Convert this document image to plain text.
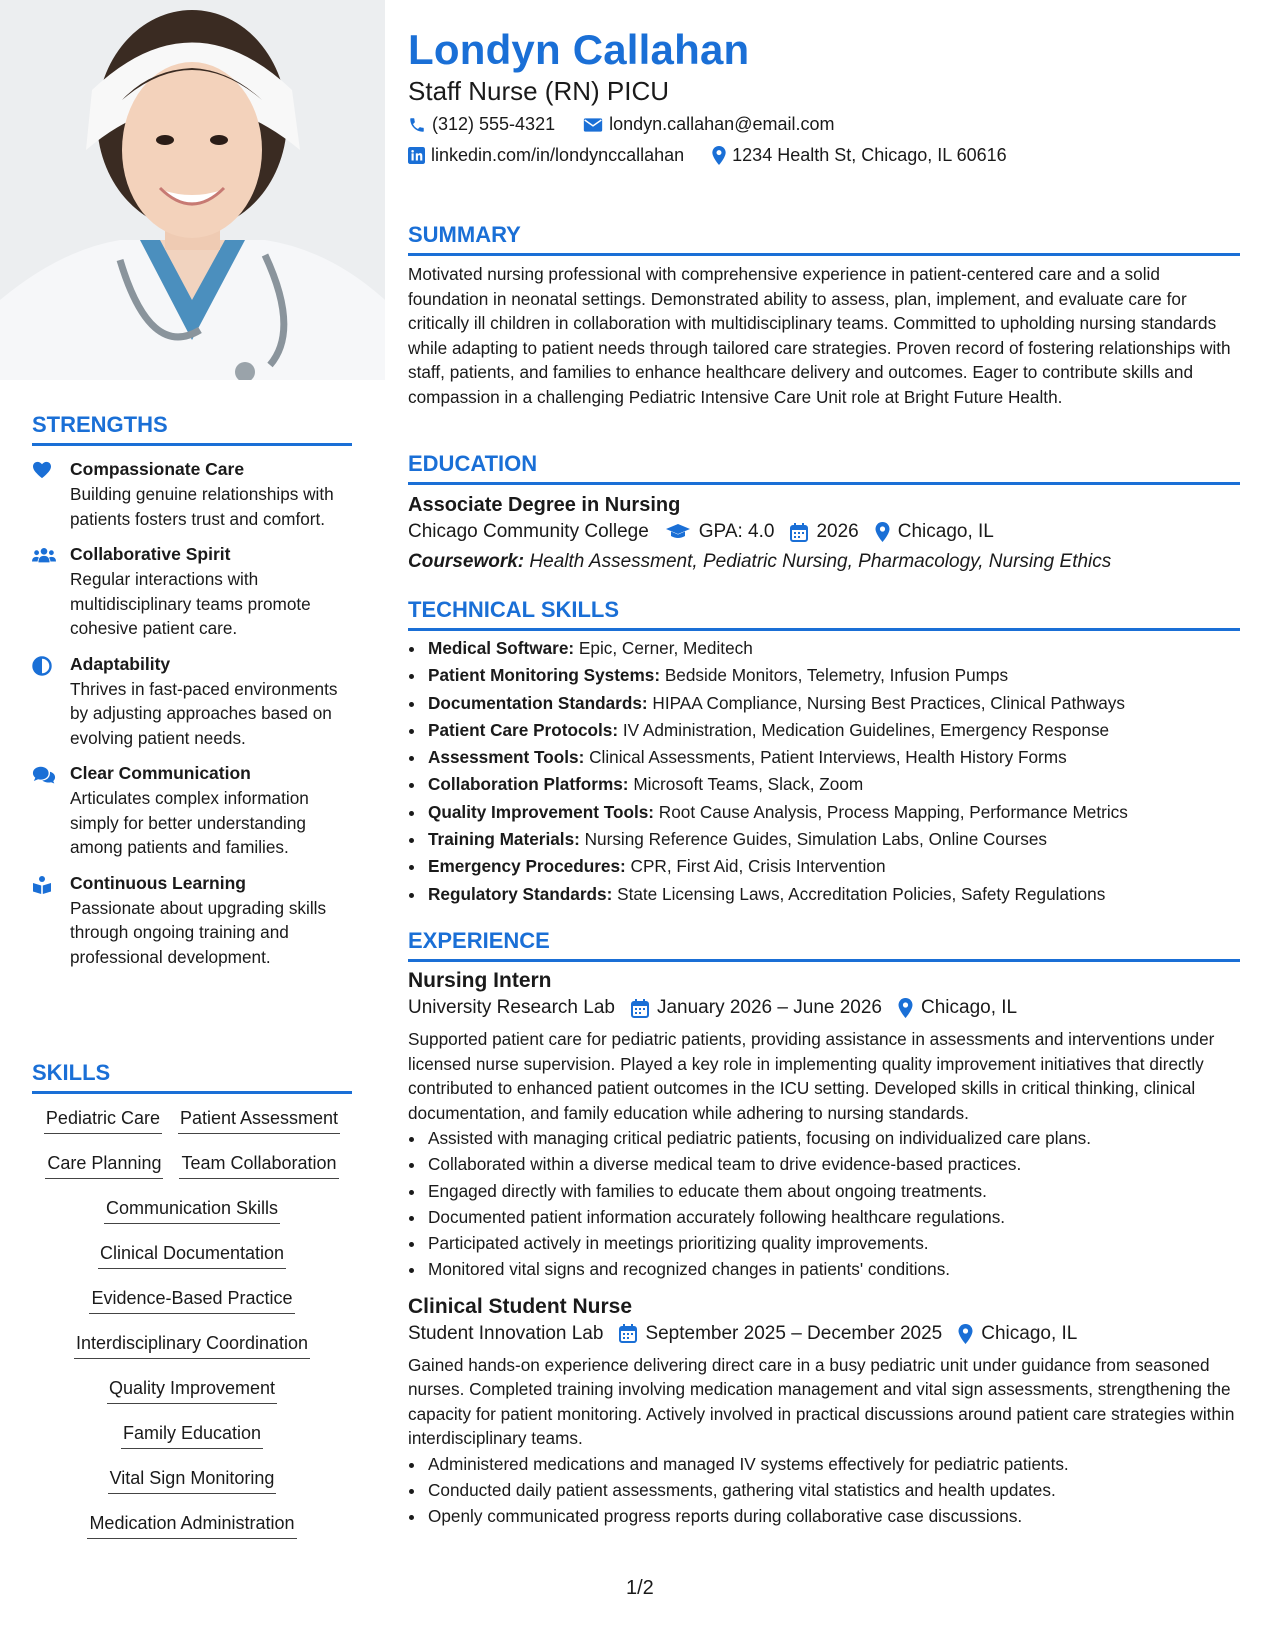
STRENGTHS
Compassionate Care
Building genuine relationships with patients fosters trust and comfort.
Collaborative Spirit
Regular interactions with multidisciplinary teams promote cohesive patient care.
Adaptability
Thrives in fast-paced environments by adjusting approaches based on evolving patient needs.
Clear Communication
Articulates complex information simply for better understanding among patients and families.
Continuous Learning
Passionate about upgrading skills through ongoing training and professional development.
SKILLS
Pediatric Care Patient Assessment
Care Planning Team Collaboration
Communication Skills
Clinical Documentation
Evidence-Based Practice
Interdisciplinary Coordination
Quality Improvement
Family Education
Vital Sign Monitoring
Medication Administration
Londyn Callahan
Staff Nurse (RN) PICU
(312) 555-4321	londyn.callahan@email.com
linkedin.com/in/londynccallahan	1234 Health St, Chicago, IL 60616
SUMMARY
Motivated nursing professional with comprehensive experience in patient-centered care and a solid foundation in neonatal settings. Demonstrated ability to assess, plan, implement, and evaluate care for critically ill children in collaboration with multidisciplinary teams. Committed to upholding nursing standards while adapting to patient needs through tailored care strategies. Proven record of fostering relationships with staff, patients, and families to enhance healthcare delivery and outcomes. Eager to contribute skills and compassion in a challenging Pediatric Intensive Care Unit role at Bright Future Health.
EDUCATION
Associate Degree in Nursing
Chicago Community College	GPA: 4.0 2026 Chicago, IL
Coursework: Health Assessment, Pediatric Nursing, Pharmacology, Nursing Ethics
TECHNICAL SKILLS
• Medical Software: Epic, Cerner, Meditech
• Patient Monitoring Systems: Bedside Monitors, Telemetry, Infusion Pumps
• Documentation Standards: HIPAA Compliance, Nursing Best Practices, Clinical Pathways
• Patient Care Protocols: IV Administration, Medication Guidelines, Emergency Response
• Assessment Tools: Clinical Assessments, Patient Interviews, Health History Forms
• Collaboration Platforms: Microsoft Teams, Slack, Zoom
• Quality Improvement Tools: Root Cause Analysis, Process Mapping, Performance Metrics
• Training Materials: Nursing Reference Guides, Simulation Labs, Online Courses
• Emergency Procedures: CPR, First Aid, Crisis Intervention
• Regulatory Standards: State Licensing Laws, Accreditation Policies, Safety Regulations
EXPERIENCE
Nursing Intern
University Research Lab January 2026 – June 2026 Chicago, IL
Supported patient care for pediatric patients, providing assistance in assessments and interventions under licensed nurse supervision. Played a key role in implementing quality improvement initiatives that directly contributed to enhanced patient outcomes in the ICU setting. Developed skills in critical thinking, clinical documentation, and family education while adhering to nursing standards.
• Assisted with managing critical pediatric patients, focusing on individualized care plans.
• Collaborated within a diverse medical team to drive evidence-based practices.
• Engaged directly with families to educate them about ongoing treatments.
• Documented patient information accurately following healthcare regulations.
• Participated actively in meetings prioritizing quality improvements.
• Monitored vital signs and recognized changes in patients' conditions.
Clinical Student Nurse
Student Innovation Lab September 2025 – December 2025 Chicago, IL
Gained hands-on experience delivering direct care in a busy pediatric unit under guidance from seasoned nurses. Completed training involving medication management and vital sign assessments, strengthening the capacity for patient monitoring. Actively involved in practical discussions around patient care strategies within interdisciplinary teams.
• Administered medications and managed IV systems effectively for pediatric patients.
• Conducted daily patient assessments, gathering vital statistics and health updates.
• Openly communicated progress reports during collaborative case discussions.
1/2
